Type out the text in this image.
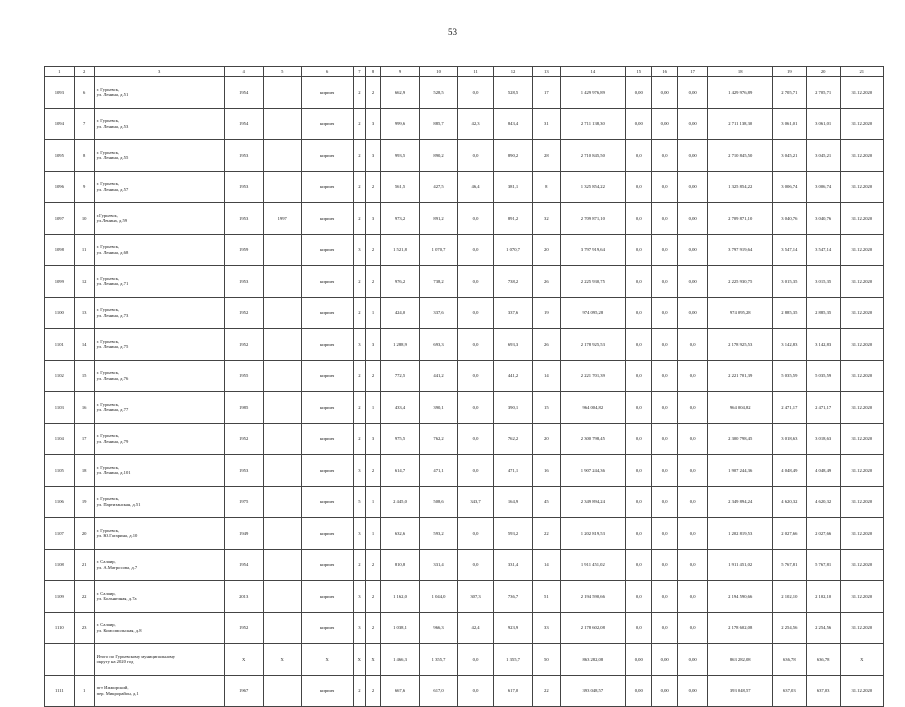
53
1	2	3	4	5	6	7	8	9	10	11	12	13	14	15	16	17	18	19	20	21
1093	6	г. Гурьевск,
ул. Ленина, д.51	1954		кирпич	2	2	662,9	528,5	0,0	528,5	17	1 429 976,89	0,00	0,00	0,00	1 429 976,89	2 705,71	2 705,71	31.12.2020
1094	7	г. Гурьевск,
ул. Ленина, д.53	1954		кирпич	2	3	999,6	885,7	42,3	843,4	31	2 711 138,30	0,00	0,00	0,00	2 711 138,30	3 061,01	3 061,01	31.12.2020
1095	8	г. Гурьевск,
ул. Ленина, д.55	1953		кирпич	2	3	993,5	890,2	0,0	890,2	28	2 710 845,50	0,0	0,0	0,00	2 710 845,50	3 045,21	3 045,21	31.12.2020
1096	9	г. Гурьевск,
ул. Ленина, д.57	1953		кирпич	2	2	561,5	427,5	46,4	381,1	8	1 325 854,22	0,0	0,0	0,00	1 325 854,22	3 006,74	3 006,74	31.12.2020
1097	10	г.Гурьевск,
ул.Ленина, д.59	1953	1997	кирпич	2	3	973,2	891,2	0,0	891,2	32	2 709 871,10	0,0	0,0	0,00	2 709 871,10	3 040,76	3 040,76	31.12.2020
1098	11	г. Гурьевск,
ул. Ленина, д.68	1959		кирпич	3	2	1 521,8	1 070,7	0,0	1 070,7	20	3 797 919,64	0,0	0,0	0,00	3 797 919,64	3 547,14	3 547,14	31.12.2020
1099	12	г. Гурьевск,
ул. Ленина, д.71	1953		кирпич	2	2	976,2	738,2	0,0	738,2	26	2 225 930,75	0,0	0,0	0,00	2 225 930,75	3 015,35	3 015,35	31.12.2020
1100	13	г. Гурьевск,
ул. Ленина, д.73	1952		кирпич	2	1	424,0	337,6	0,0	337,6	19	974 095,28	0,0	0,0	0,00	974 095,28	2 885,35	2 885,35	31.12.2020
1101	14	г. Гурьевск,
ул. Ленина, д.75	1952		кирпич	3	3	1 288,9	693,3	0,0	693,3	26	2 178 925,53	0,0	0,0	0,0	2 178 925,53	3 142,83	3 142,83	31.12.2020
1102	15	г. Гурьевск,
ул. Ленина, д.76	1955		кирпич	2	2	772,5	441,2	0,0	441,2	14	2 221 701,39	0,0	0,0	0,0	2 221 701,39	5 035,59	5 035,59	31.12.2020
1103	16	г. Гурьевск,
ул. Ленина, д.77	1985		кирпич	2	1	433,4	390,1	0,0	390,1	15	964 004,82	0,0	0,0	0,0	964 004,82	2 471,17	2 471,17	31.12.2020
1104	17	г. Гурьевск,
ул. Ленина, д.79	1952		кирпич	2	3	975,5	762,2	0,0	762,2	20	2 300 798,45	0,0	0,0	0,0	2 300 798,45	3 018,63	3 018,63	31.12.2020
1105	18	г. Гурьевск,
ул. Ленина, д.101	1953		кирпич	3	2	614,7	471,1	0,0	471,1	16	1 907 244,36	0,0	0,0	0,0	1 907 244,36	4 048,49	4 048,49	31.12.2020
1106	19	г. Гурьевск,
ул. Партизанская, д.51	1975		кирпич	5	1	2 445,0	508,6	343,7	164,9	45	2 349 894,24	0,0	0,0	0,0	2 349 894,24	4 620,32	4 620,32	31.12.2020
1107	20	г. Гурьевск,
ул. Ю.Гагарина, д.10	1949		кирпич	3	1	632,6	593,2	0,0	593,2	22	1 202 819,53	0,0	0,0	0,0	1 202 819,53	2 027,66	2 027,66	31.12.2020
1108	21	г. Салаир,
ул. А.Матросова, д.7	1954		кирпич	2	2	810,8	331,4	0,0	331,4	14	1 911 451,02	0,0	0,0	0,0	1 911 451,02	5 767,81	5 767,81	31.12.2020
1109	22	г. Салаир,
ул. Больничная, д.7а	2013		кирпич	3	2	1 162,0	1 044,0	307,3	736,7	51	2 194 590,66	0,0	0,0	0,0	2 194 590,66	2 102,10	2 102,10	31.12.2020
1110	23	г. Салаир,
ул. Комсомольская, д.8	1952		кирпич	3	2	1 038,1	966,3	42,4	923,9	33	2 178 602,08	0,0	0,0	0,0	2 178 602,08	2 254,56	2 254,56	31.12.2020

		Итого по Гурьевскому муниципальному
округу на 2020 год	X	X	X	X	X	1 466,3	1 355,7	0,0	1 355,7	50	863 282,08	0,00	0,00	0,00	863 282,08	636,78	636,78	X
1111	1	пгт Ижморский,
пер. Микрорайон, д.1	1967		кирпич	2	2	667,6	617,0	0,0	617,0	22	393 048,57	0,00	0,00	0,00	393 048,57	637,03	637,03	31.12.2020
